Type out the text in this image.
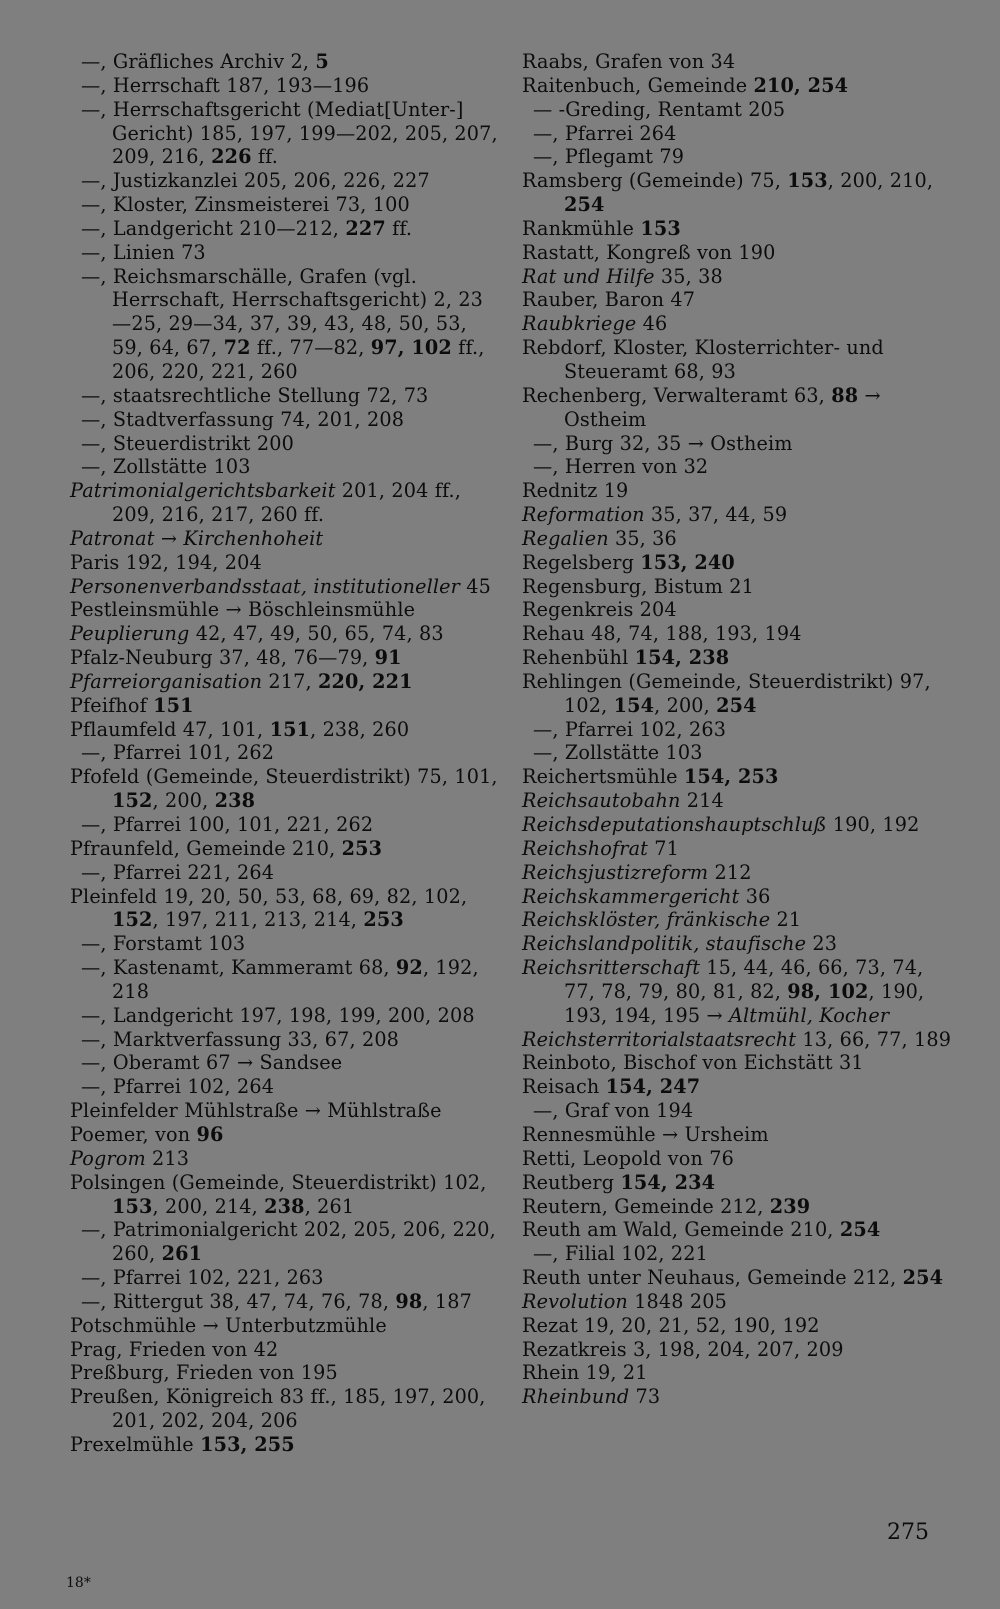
—, Gräfliches Archiv 2, 5

—, Herrschaft 187, 193—196

—, Herrschaftsgericht (Mediat[Unter-] Gericht) 185, 197, 199—202, 205, 207, 209, 216, 226 ff.

—, Justizkanzlei 205, 206, 226, 227

—, Kloster, Zinsmeisterei 73, 100

—, Landgericht 210—212, 227 ff.

—, Linien 73

—, Reichsmarschälle, Grafen (vgl. Herrschaft, Herrschaftsgericht) 2, 23—25, 29—34, 37, 39, 43, 48, 50, 53, 59, 64, 67, 72 ff., 77—82, 97, 102 ff., 206, 220, 221, 260

—, staatsrechtliche Stellung 72, 73

—, Stadtverfassung 74, 201, 208

—, Steuerdistrikt 200

—, Zollstätte 103

Patrimonialgerichtsbarkeit 201, 204 ff., 209, 216, 217, 260 ff.

Patronat → Kirchenhoheit

Paris 192, 194, 204

Personenverbandsstaat, institutioneller 45

Pestleinsmühle → Böschleinsmühle

Peuplierung 42, 47, 49, 50, 65, 74, 83

Pfalz-Neuburg 37, 48, 76—79, 91

Pfarreiorganisation 217, 220, 221

Pfeifhof 151

Pflaumfeld 47, 101, 151, 238, 260

—, Pfarrei 101, 262

Pfofeld (Gemeinde, Steuerdistrikt) 75, 101, 152, 200, 238

—, Pfarrei 100, 101, 221, 262

Pfraunfeld, Gemeinde 210, 253

—, Pfarrei 221, 264

Pleinfeld 19, 20, 50, 53, 68, 69, 82, 102, 152, 197, 211, 213, 214, 253

—, Forstamt 103

—, Kastenamt, Kammeramt 68, 92, 192, 218

—, Landgericht 197, 198, 199, 200, 208

—, Marktverfassung 33, 67, 208

—, Oberamt 67 → Sandsee

—, Pfarrei 102, 264

Pleinfelder Mühlstraße → Mühlstraße

Poemer, von 96

Pogrom 213

Polsingen (Gemeinde, Steuerdistrikt) 102, 153, 200, 214, 238, 261

—, Patrimonialgericht 202, 205, 206, 220, 260, 261

—, Pfarrei 102, 221, 263

—, Rittergut 38, 47, 74, 76, 78, 98, 187

Potschmühle → Unterbutzmühle

Prag, Frieden von 42

Preßburg, Frieden von 195

Preußen, Königreich 83 ff., 185, 197, 200, 201, 202, 204, 206

Prexelmühle 153, 255

Raabs, Grafen von 34

Raitenbuch, Gemeinde 210, 254

— -Greding, Rentamt 205

—, Pfarrei 264

—, Pflegamt 79

Ramsberg (Gemeinde) 75, 153, 200, 210, 254

Rankmühle 153

Rastatt, Kongreß von 190

Rat und Hilfe 35, 38

Rauber, Baron 47

Raubkriege 46

Rebdorf, Kloster, Klosterrichter- und Steueramt 68, 93

Rechenberg, Verwalteramt 63, 88 → Ostheim

—, Burg 32, 35 → Ostheim

—, Herren von 32

Rednitz 19

Reformation 35, 37, 44, 59

Regalien 35, 36

Regelsberg 153, 240

Regensburg, Bistum 21

Regenkreis 204

Rehau 48, 74, 188, 193, 194

Rehenbühl 154, 238

Rehlingen (Gemeinde, Steuerdistrikt) 97, 102, 154, 200, 254

—, Pfarrei 102, 263

—, Zollstätte 103

Reichertsmühle 154, 253

Reichsautobahn 214

Reichsdeputationshauptschluß 190, 192

Reichshofrat 71

Reichsjustizreform 212

Reichskammergericht 36

Reichsklöster, fränkische 21

Reichslandpolitik, staufische 23

Reichsritterschaft 15, 44, 46, 66, 73, 74, 77, 78, 79, 80, 81, 82, 98, 102, 190, 193, 194, 195 → Altmühl, Kocher

Reichsterritorialstaatsrecht 13, 66, 77, 189

Reinboto, Bischof von Eichstätt 31

Reisach 154, 247

—, Graf von 194

Rennesmühle → Ursheim

Retti, Leopold von 76

Reutberg 154, 234

Reutern, Gemeinde 212, 239

Reuth am Wald, Gemeinde 210, 254

—, Filial 102, 221

Reuth unter Neuhaus, Gemeinde 212, 254

Revolution 1848 205

Rezat 19, 20, 21, 52, 190, 192

Rezatkreis 3, 198, 204, 207, 209

Rhein 19, 21

Rheinbund 73

275
18*
